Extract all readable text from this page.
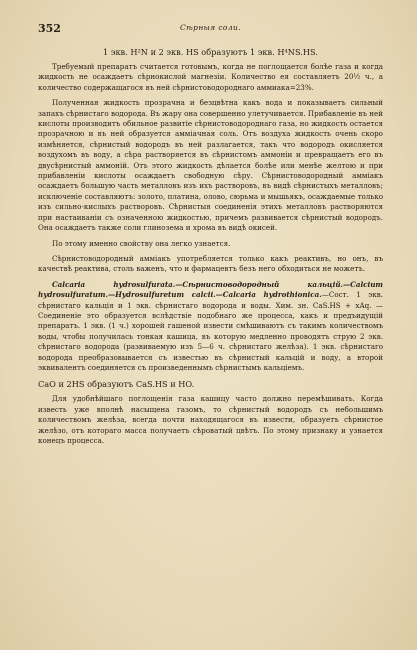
352	Сѣрныя соли.

1 экв. H²N и 2 экв. HS образуютъ 1 экв. H⁴NS.HS.

Требуемый препаратъ считается готовымъ, когда не поглощается болѣе газа и когда жидкость не осаждаетъ сѣрнокислой магнезіи. Количество ея составляетъ 20½ ч., а количество содержащагося въ ней сѣрнистоводороднаго аммиака=23%.

Полученная жидкость прозрачна и безцвѣтна какъ вода и показываетъ сильный запахъ сѣрнистаго водорода. Въ жару она совершенно улетучивается. Прибавленіе въ ней кислоты производитъ обильное развитіе сѣрнистоводороднаго газа, но жидкость остается прозрачною и въ ней образуется аммiачная соль. Отъ воздуха жидкость очень скоро измѣняется, сѣрнистый водородъ въ ней разлагается, такъ что водородъ окисляется воздухомъ въ воду, а сѣра растворяется въ сѣрнистомъ аммоніи и превращаетъ его въ двусѣрнистый аммоній. Отъ этого жидкость дѣлается болѣе или менѣе желтою и при прибавленіи кислоты осаждаетъ свободную сѣру. Сѣрнистоводородный аммiакъ осаждаетъ большую часть металловъ изъ ихъ растворовъ, въ видѣ сѣрнистыхъ металловъ; исключеніе составляютъ: золото, платина, олово, сюрьма и мышьякъ, осаждаемые только изъ сильно-кислыхъ растворовъ. Сѣрнистыя соединенія этихъ металловъ растворяются при настаиваніи съ означенною жидкостью, причемъ развивается сѣрнистый водородъ. Она осаждаетъ также соли глинозема и хрома въ видѣ окисей.

По этому именно свойству она легко узнается.

Сѣрнистоводородный аммiакъ употребляется только какъ реактивъ, но онъ, въ качествѣ реактива, столь важенъ, что и фармацевтъ безъ него обходиться не можетъ.

Calcaria hydrosulfurata.—Сѣрнистоводородный кальцій.—Calcium hydrosulfuratum.—Hydrosulfuretum calcii.—Calcaria hydrothionica.—Сост. 1 экв. сѣрнистаго кальція и 1 экв. сѣрнистаго водорода и воды. Хим. зн. CaS.HS + xAq. — Соединеніе это образуется вслѣдствіе подобнаго же процесса, какъ и предъидущій препаратъ. 1 экв. (1 ч.) хорошей гашеной извести смѣшиваютъ съ такимъ количествомъ воды, чтобы получилась тонкая кашица, въ которую медленно проводятъ струю 2 экв. сѣрнистаго водорода (развиваемую изъ 5—6 ч. сѣрнистаго желѣза). 1 экв. сѣрнистаго водорода преобразовывается съ известью въ сѣрнистый кальцій и воду, а второй эквивалентъ соединяется съ произведеннымъ сѣрнистымъ кальціемъ.

CaO и 2HS образуютъ CaS.HS и HO.

Для удобнѣйшаго поглощенія газа кашицу часто должно перемѣшивать. Когда известь уже вполнѣ насыщена газомъ, то сѣрнистый водородъ съ небольшимъ количествомъ желѣза, всегда почти находящагося въ извести, образуетъ сѣрнистое желѣзо, отъ котораго масса получаетъ сѣроватый цвѣтъ. По этому признаку и узнается конецъ процесса.
